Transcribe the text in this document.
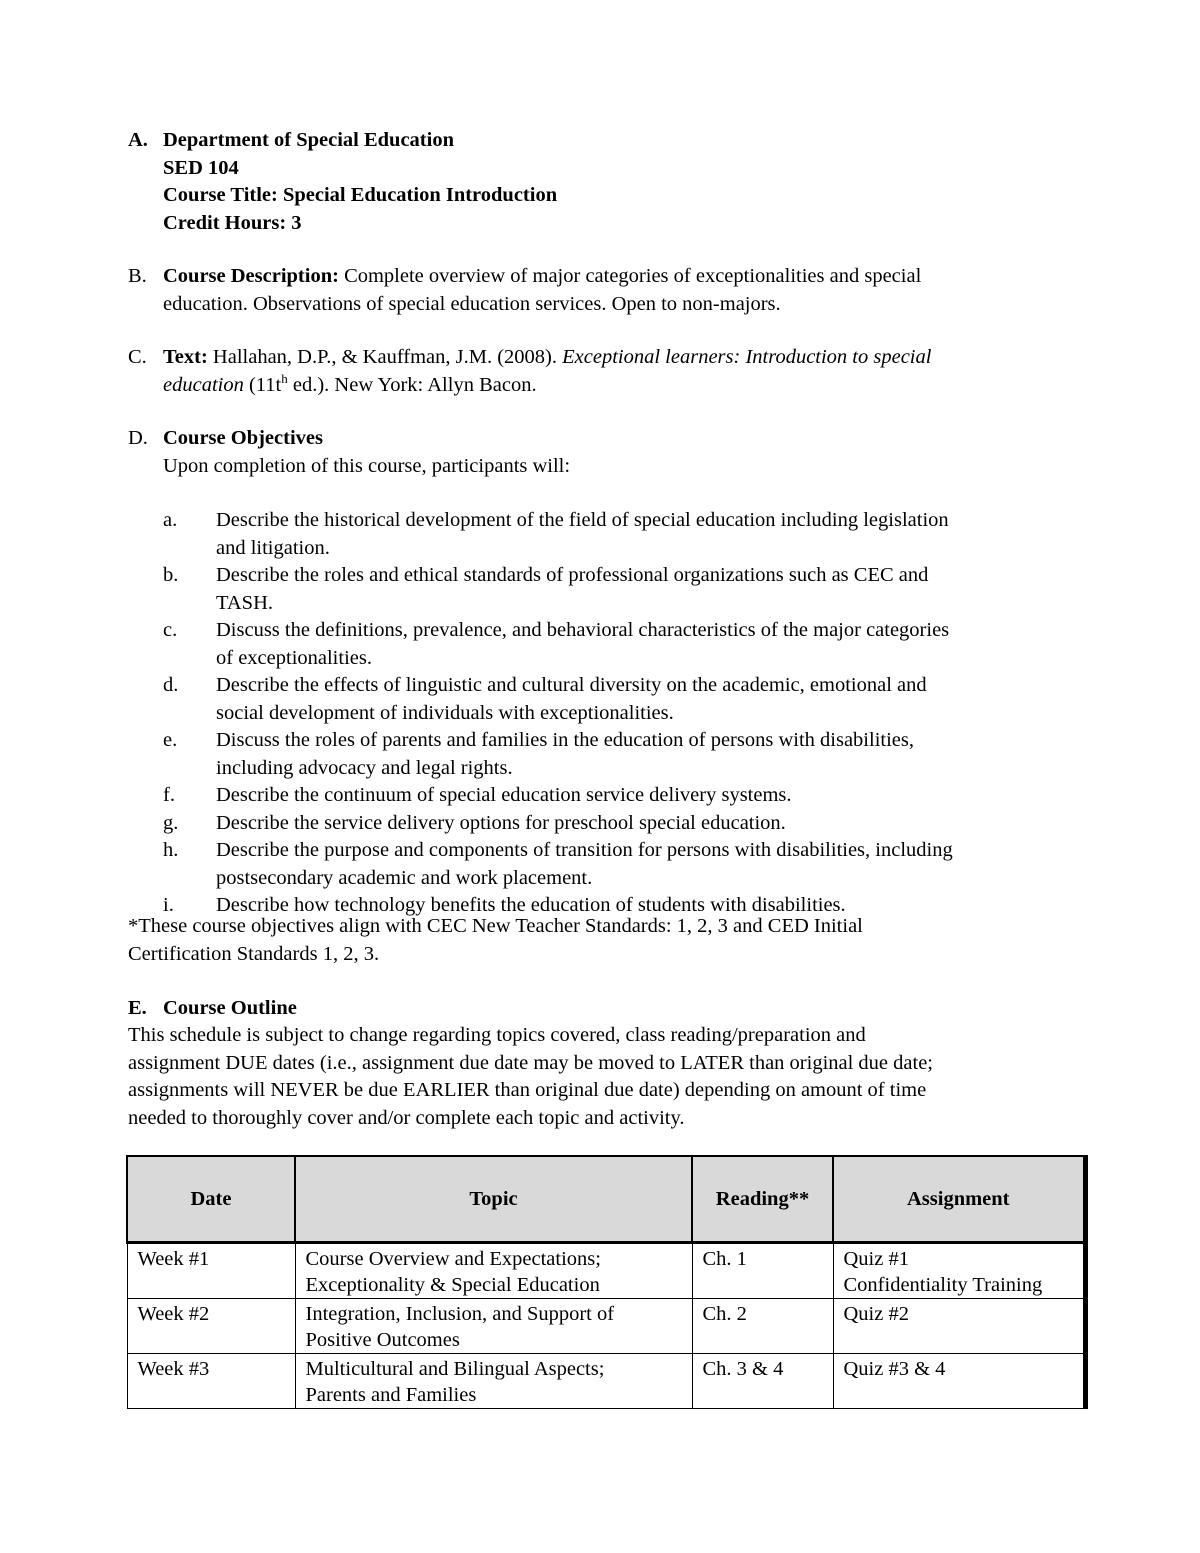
A. Department of Special Education
SED 104
Course Title: Special Education Introduction
Credit Hours: 3
B. Course Description: Complete overview of major categories of exceptionalities and special
education. Observations of special education services. Open to non-majors.
C. Text: Hallahan, D.P., & Kauffman, J.M. (2008). Exceptional learners: Introduction to special
education ($11t^h$ ed.). New York: Allyn Bacon.
D. Course Objectives
Upon completion of this course, participants will:
a. Describe the historical development of the field of special education including legislation
and litigation.
b. Describe the roles and ethical standards of professional organizations such as CEC and
TASH.
c. Discuss the definitions, prevalence, and behavioral characteristics of the major categories
of exceptionalities.
d. Describe the effects of linguistic and cultural diversity on the academic, emotional and
social development of individuals with exceptionalities.
e. Discuss the roles of parents and families in the education of persons with disabilities,
including advocacy and legal rights.
f. Describe the continuum of special education service delivery systems.
g. Describe the service delivery options for preschool special education.
h. Describe the purpose and components of transition for persons with disabilities, including
postsecondary academic and work placement.
i. Describe how technology benefits the education of students with disabilities.
*These course objectives align with CEC New Teacher Standards: 1, 2, 3 and CED Initial
Certification Standards 1, 2, 3.
E. Course Outline
This schedule is subject to change regarding topics covered, class reading/preparation and
assignment DUE dates (i.e., assignment due date may be moved to LATER than original due date;
assignments will NEVER be due EARLIER than original due date) depending on amount of time
needed to thoroughly cover and/or complete each topic and activity.
Date	Topic	Reading**	Assignment
Week #1	Course Overview and Expectations;
Exceptionality & Special Education	Ch. 1	Quiz #1
Confidentiality Training

Week #2	Integration, Inclusion, and Support of
Positive Outcomes	Ch. 2	Quiz #2

Week #3	Multicultural and Bilingual Aspects;
Parents and Families	Ch. 3 & 4	Quiz #3 & 4
